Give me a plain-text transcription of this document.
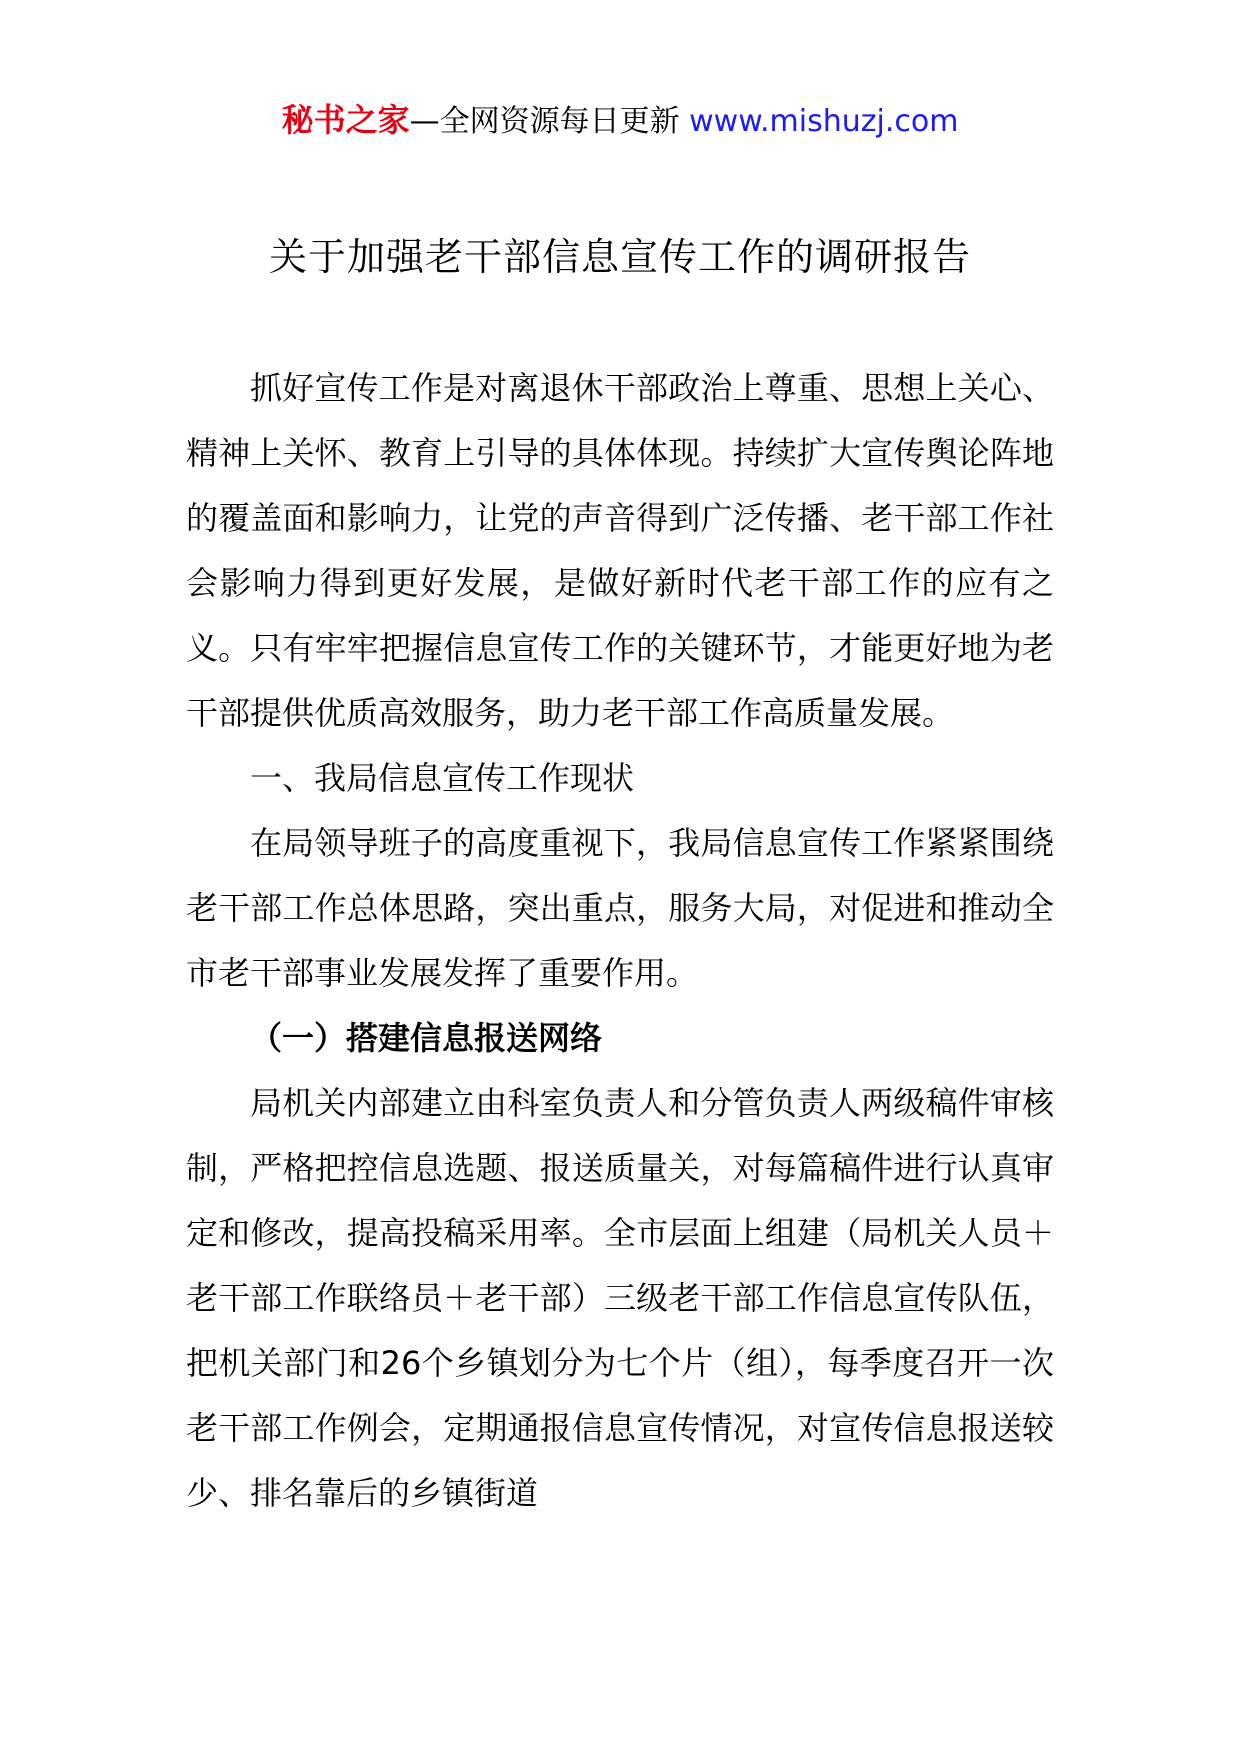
秘书之家—全网资源每日更新 www.mishuzj.com
关于加强老干部信息宣传工作的调研报告

抓好宣传工作是对离退休干部政治上尊重、思想上关心、精神上关怀、教育上引导的具体体现。持续扩大宣传舆论阵地的覆盖面和影响力，让党的声音得到广泛传播、老干部工作社会影响力得到更好发展，是做好新时代老干部工作的应有之义。只有牢牢把握信息宣传工作的关键环节，才能更好地为老干部提供优质高效服务，助力老干部工作高质量发展。

一、我局信息宣传工作现状

在局领导班子的高度重视下，我局信息宣传工作紧紧围绕老干部工作总体思路，突出重点，服务大局，对促进和推动全市老干部事业发展发挥了重要作用。

（一）搭建信息报送网络

局机关内部建立由科室负责人和分管负责人两级稿件审核制，严格把控信息选题、报送质量关，对每篇稿件进行认真审定和修改，提高投稿采用率。全市层面上组建（局机关人员＋老干部工作联络员＋老干部）三级老干部工作信息宣传队伍，把机关部门和26个乡镇划分为七个片（组），每季度召开一次老干部工作例会，定期通报信息宣传情况，对宣传信息报送较少、排名靠后的乡镇街道
